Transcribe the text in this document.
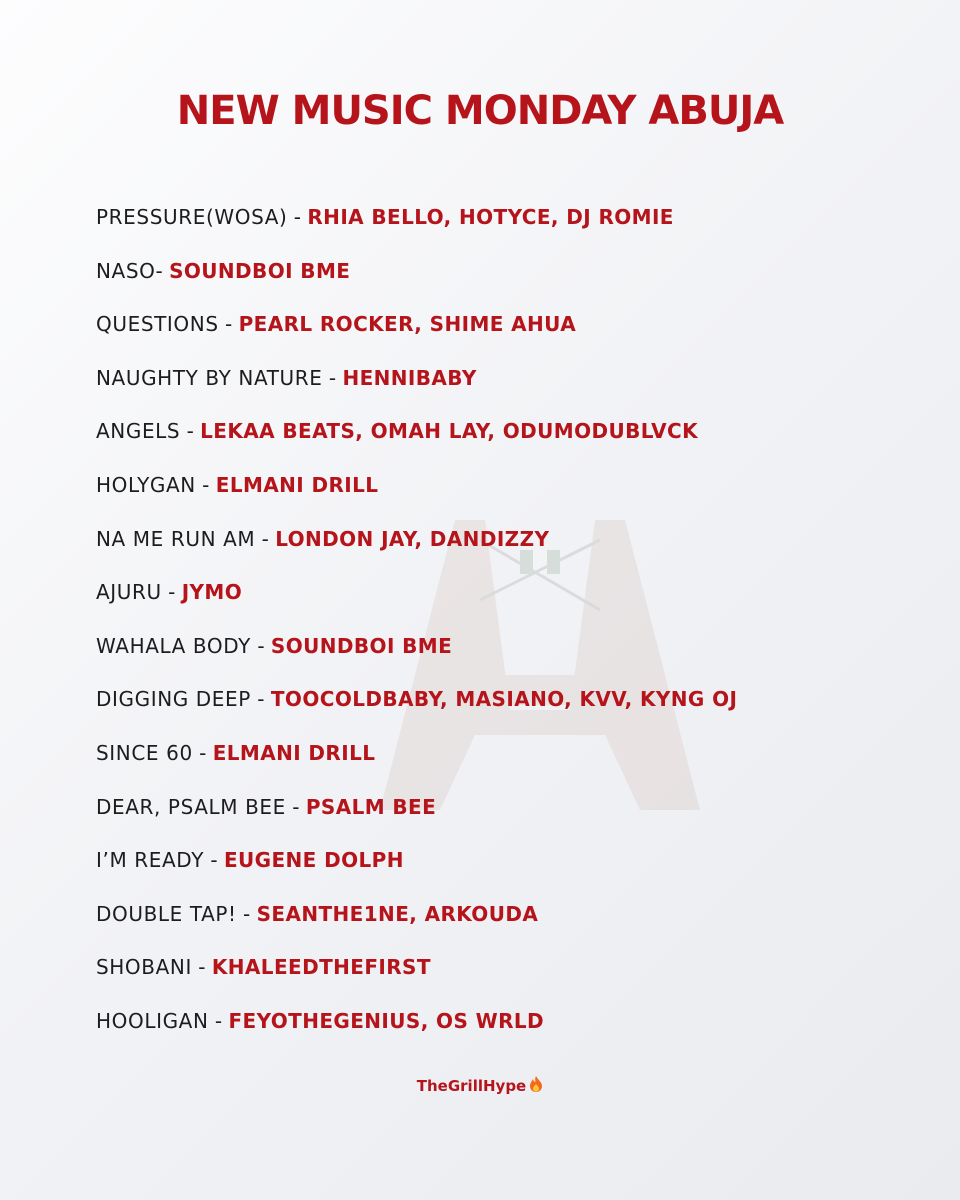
NEW MUSIC MONDAY ABUJA
PRESSURE(WOSA) - RHIA BELLO, HOTYCE, DJ ROMIE
NASO- SOUNDBOI BME
QUESTIONS - PEARL ROCKER, SHIME AHUA
NAUGHTY BY NATURE - HENNIBABY
ANGELS - LEKAA BEATS, OMAH LAY, ODUMODUBLVCK
HOLYGAN - ELMANI DRILL
NA ME RUN AM - LONDON JAY, DANDIZZY
AJURU - JYMO
WAHALA BODY - SOUNDBOI BME
DIGGING DEEP - TOOCOLDBABY, MASIANO, KVV, KYNG OJ
SINCE 60 - ELMANI DRILL
DEAR, PSALM BEE - PSALM BEE
I’M READY - EUGENE DOLPH
DOUBLE TAP! - SEANTHE1NE, ARKOUDA
SHOBANI - KHALEEDTHEFIRST
HOOLIGAN - FEYOTHEGENIUS, OS WRLD
TheGrillHype
